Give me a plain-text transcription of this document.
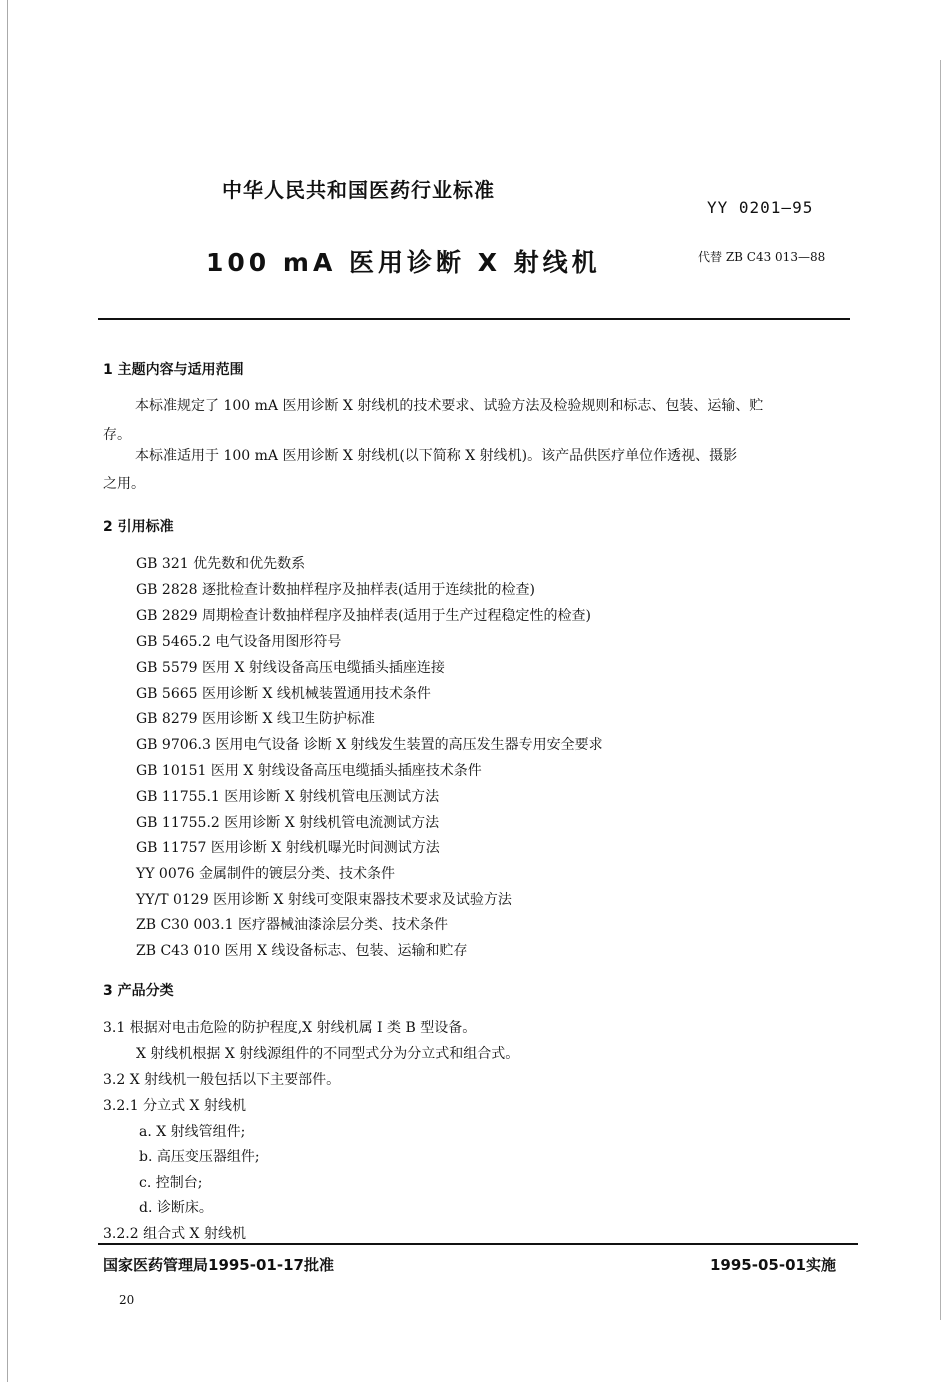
中华人民共和国医药行业标准
YY 0201—95
100 mA 医用诊断 X 射线机	代替 ZB C43 013—88
1 主题内容与适用范围
本标准规定了 100 mA 医用诊断 X 射线机的技术要求、试验方法及检验规则和标志、包装、运输、贮
存。
本标准适用于 100 mA 医用诊断 X 射线机(以下简称 X 射线机)。该产品供医疗单位作透视、摄影
之用。
2 引用标准
GB 321 优先数和优先数系
GB 2828 逐批检查计数抽样程序及抽样表(适用于连续批的检查)
GB 2829 周期检查计数抽样程序及抽样表(适用于生产过程稳定性的检查)
GB 5465.2 电气设备用图形符号
GB 5579 医用 X 射线设备高压电缆插头插座连接
GB 5665 医用诊断 X 线机械装置通用技术条件
GB 8279 医用诊断 X 线卫生防护标准
GB 9706.3 医用电气设备 诊断 X 射线发生装置的高压发生器专用安全要求
GB 10151 医用 X 射线设备高压电缆插头插座技术条件
GB 11755.1 医用诊断 X 射线机管电压测试方法
GB 11755.2 医用诊断 X 射线机管电流测试方法
GB 11757 医用诊断 X 射线机曝光时间测试方法
YY 0076 金属制件的镀层分类、技术条件
YY/T 0129 医用诊断 X 射线可变限束器技术要求及试验方法
ZB C30 003.1 医疗器械油漆涂层分类、技术条件
ZB C43 010 医用 X 线设备标志、包装、运输和贮存
3 产品分类
3.1 根据对电击危险的防护程度,X 射线机属 I 类 B 型设备。
X 射线机根据 X 射线源组件的不同型式分为分立式和组合式。
3.2 X 射线机一般包括以下主要部件。
3.2.1 分立式 X 射线机
a. X 射线管组件;
b. 高压变压器组件;
c. 控制台;
d. 诊断床。
3.2.2 组合式 X 射线机
国家医药管理局1995-01-17批准	1995-05-01实施
20
